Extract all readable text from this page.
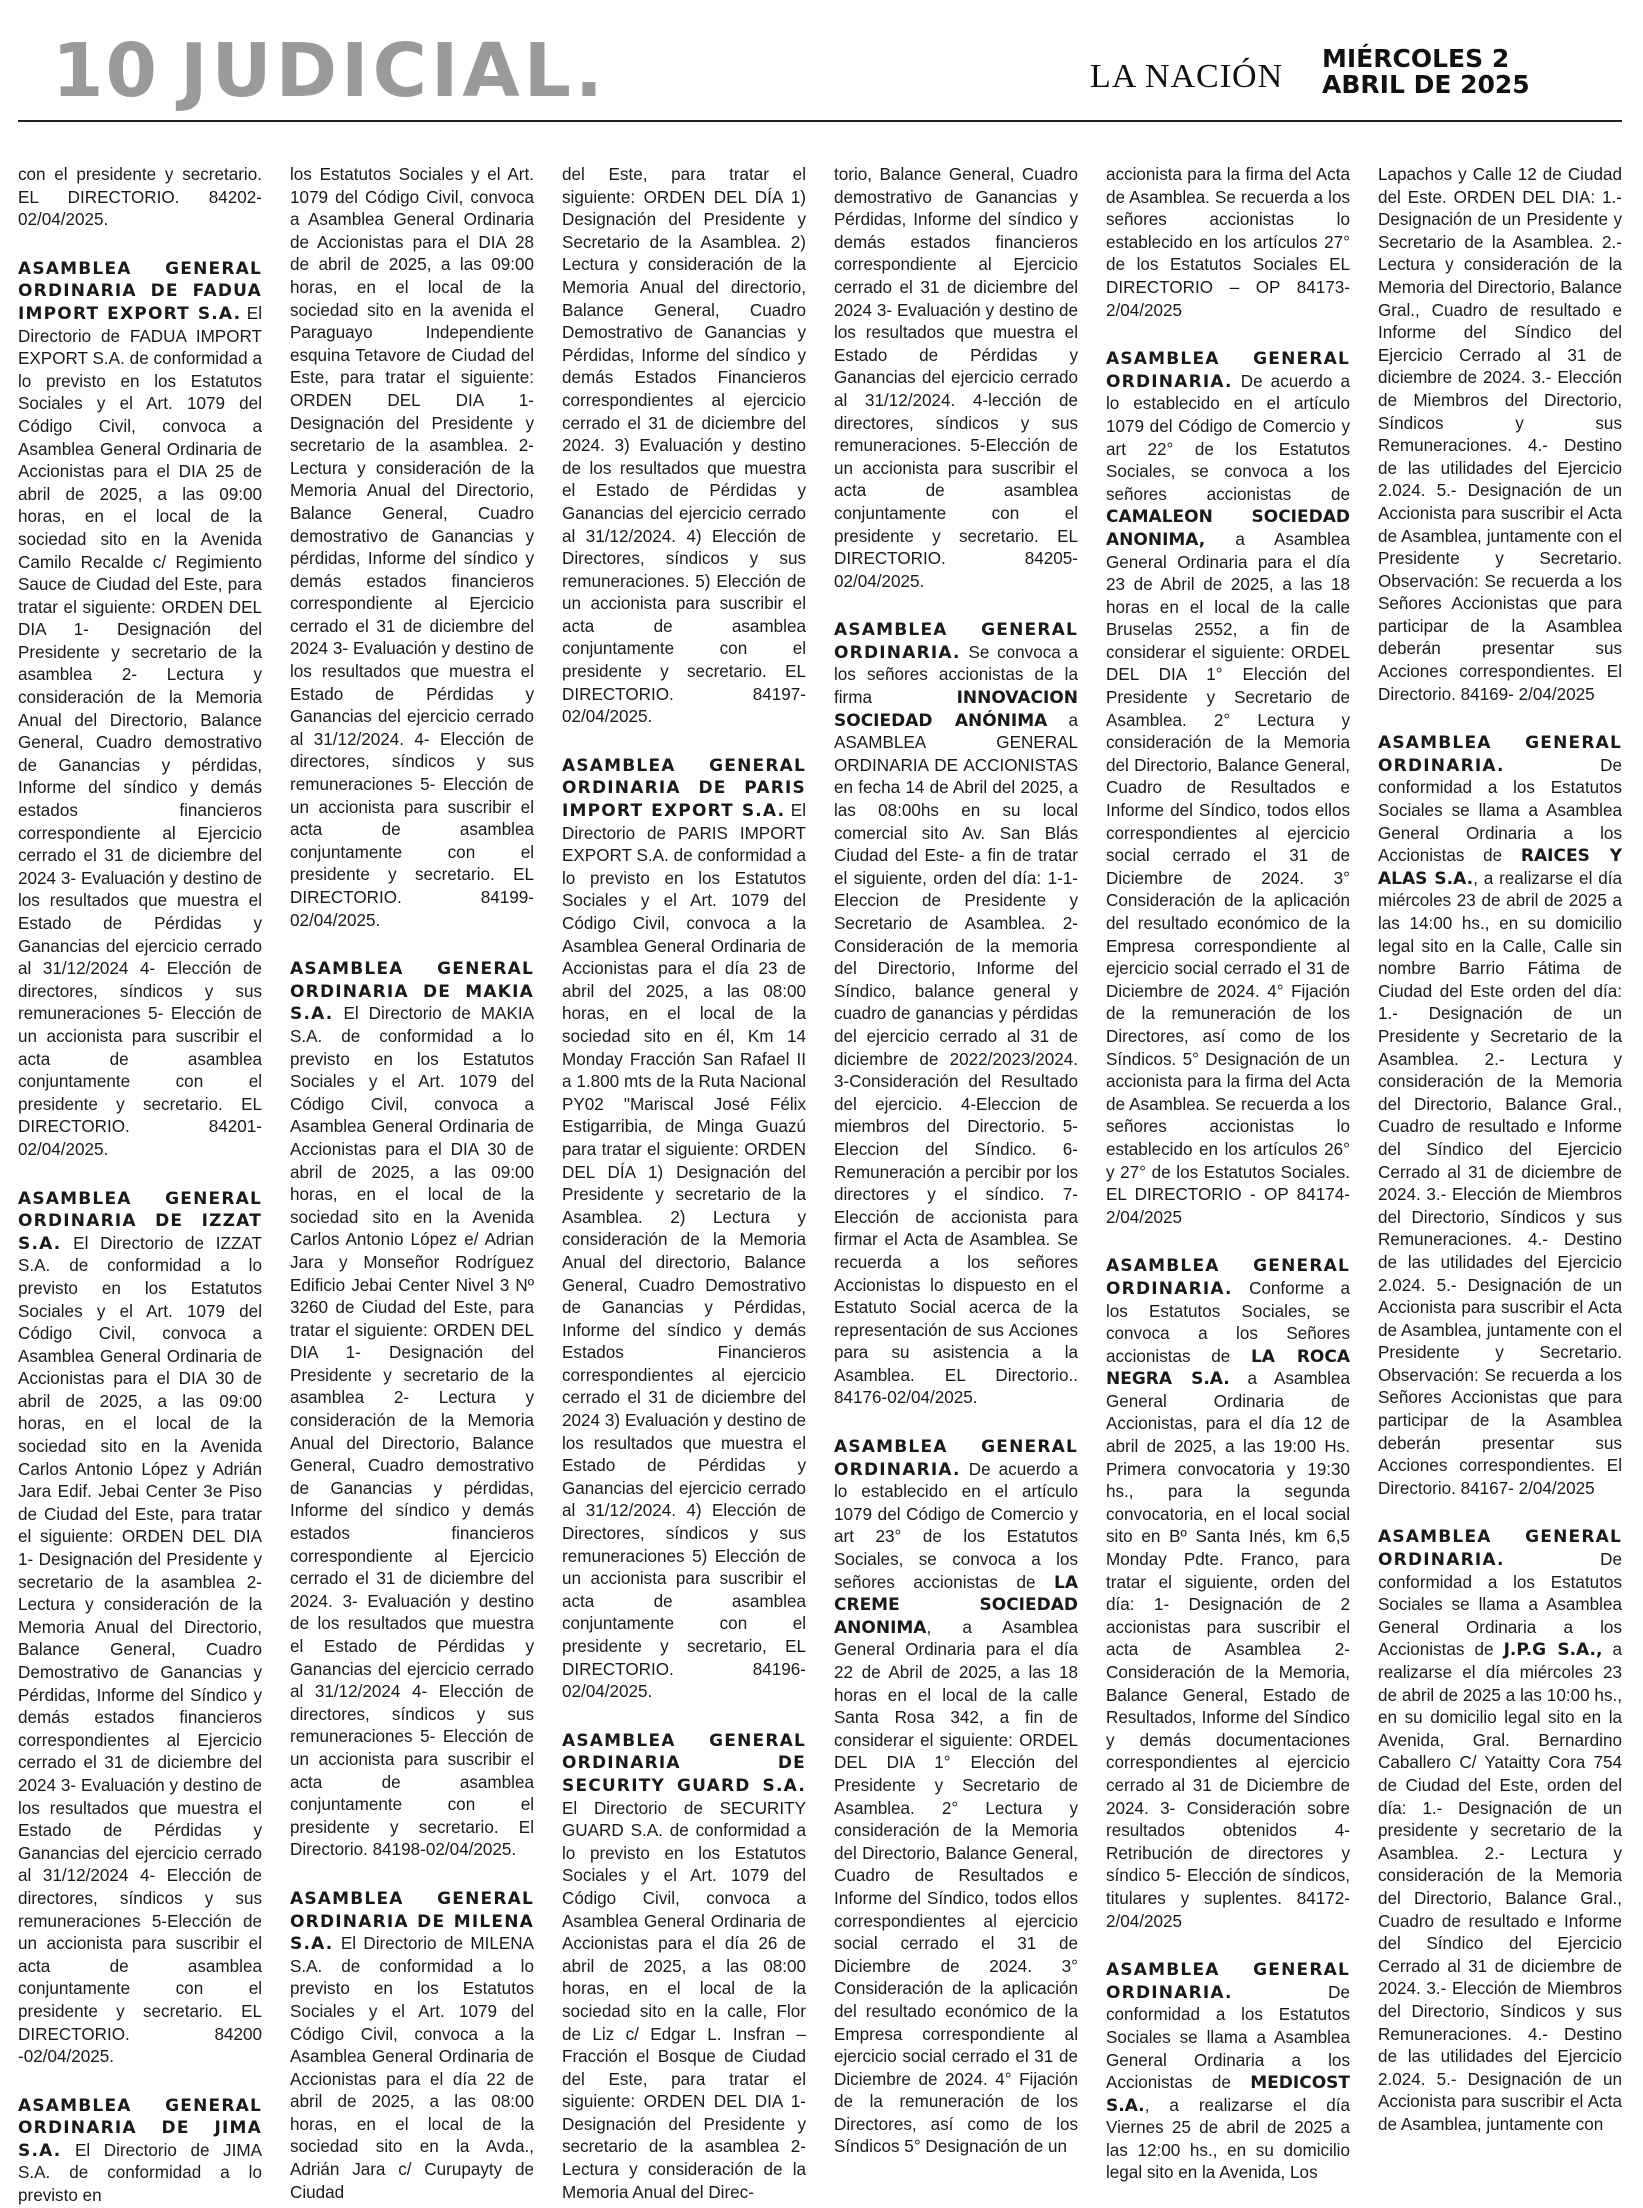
10 JUDICIAL.	LA NACIÓN MIÉRCOLES 2
ABRIL DE 2025
con el presidente y secretario. EL DIRECTORIO. 84202-02/04/2025.
ASAMBLEA GENERAL ORDINARIA DE FADUA IMPORT EXPORT S.A. El Directorio de FADUA IMPORT EXPORT S.A. de conformidad a lo previsto en los Estatutos Sociales y el Art. 1079 del Código Civil, convoca a Asamblea General Ordinaria de Accionistas para el DIA 25 de abril de 2025, a las 09:00 horas, en el local de la sociedad sito en la Avenida Camilo Recalde c/ Regimiento Sauce de Ciudad del Este, para tratar el siguiente: ORDEN DEL DIA 1- Designación del Presidente y secretario de la asamblea 2- Lectura y consideración de la Memoria Anual del Directorio, Balance General, Cuadro demostrativo de Ganancias y pérdidas, Informe del síndico y demás estados financieros correspondiente al Ejercicio cerrado el 31 de diciembre del 2024 3- Evaluación y destino de los resultados que muestra el Estado de Pérdidas y Ganancias del ejercicio cerrado al 31/12/2024 4- Elección de directores, síndicos y sus remuneraciones 5- Elección de un accionista para suscribir el acta de asamblea conjuntamente con el presidente y secretario. EL DIRECTORIO. 84201-02/04/2025.
ASAMBLEA GENERAL ORDINARIA DE IZZAT S.A. El Directorio de IZZAT S.A. de conformidad a lo previsto en los Estatutos Sociales y el Art. 1079 del Código Civil, convoca a Asamblea General Ordinaria de Accionistas para el DIA 30 de abril de 2025, a las 09:00 horas, en el local de la sociedad sito en la Avenida Carlos Antonio López y Adrián Jara Edif. Jebai Center 3e Piso de Ciudad del Este, para tratar el siguiente: ORDEN DEL DIA 1- Designación del Presidente y secretario de la asamblea 2- Lectura y consideración de la Memoria Anual del Directorio, Balance General, Cuadro Demostrativo de Ganancias y Pérdidas, Informe del Síndico y demás estados financieros correspondientes al Ejercicio cerrado el 31 de diciembre del 2024 3- Evaluación y destino de los resultados que muestra el Estado de Pérdidas y Ganancias del ejercicio cerrado al 31/12/2024 4- Elección de directores, síndicos y sus remuneraciones 5-Elección de un accionista para suscribir el acta de asamblea conjuntamente con el presidente y secretario. EL DIRECTORIO. 84200 -02/04/2025.
ASAMBLEA GENERAL ORDINARIA DE JIMA S.A. El Directorio de JIMA S.A. de conformidad a lo previsto en
los Estatutos Sociales y el Art. 1079 del Código Civil, convoca a Asamblea General Ordinaria de Accionistas para el DIA 28 de abril de 2025, a las 09:00 horas, en el local de la sociedad sito en la avenida el Paraguayo Independiente esquina Tetavore de Ciudad del Este, para tratar el siguiente: ORDEN DEL DIA 1- Designación del Presidente y secretario de la asamblea. 2- Lectura y consideración de la Memoria Anual del Directorio, Balance General, Cuadro demostrativo de Ganancias y pérdidas, Informe del síndico y demás estados financieros correspondiente al Ejercicio cerrado el 31 de diciembre del 2024 3- Evaluación y destino de los resultados que muestra el Estado de Pérdidas y Ganancias del ejercicio cerrado al 31/12/2024. 4- Elección de directores, síndicos y sus remuneraciones 5- Elección de un accionista para suscribir el acta de asamblea conjuntamente con el presidente y secretario. EL DIRECTORIO. 84199-02/04/2025.
ASAMBLEA GENERAL ORDINARIA DE MAKIA S.A. El Directorio de MAKIA S.A. de conformidad a lo previsto en los Estatutos Sociales y el Art. 1079 del Código Civil, convoca a Asamblea General Ordinaria de Accionistas para el DIA 30 de abril de 2025, a las 09:00 horas, en el local de la sociedad sito en la Avenida Carlos Antonio López e/ Adrian Jara y Monseñor Rodríguez Edificio Jebai Center Nivel 3 Nº 3260 de Ciudad del Este, para tratar el siguiente: ORDEN DEL DIA 1- Designación del Presidente y secretario de la asamblea 2- Lectura y consideración de la Memoria Anual del Directorio, Balance General, Cuadro demostrativo de Ganancias y pérdidas, Informe del síndico y demás estados financieros correspondiente al Ejercicio cerrado el 31 de diciembre del 2024. 3- Evaluación y destino de los resultados que muestra el Estado de Pérdidas y Ganancias del ejercicio cerrado al 31/12/2024 4- Elección de directores, síndicos y sus remuneraciones 5- Elección de un accionista para suscribir el acta de asamblea conjuntamente con el presidente y secretario. El Directorio. 84198-02/04/2025.
ASAMBLEA GENERAL ORDINARIA DE MILENA S.A. El Directorio de MILENA S.A. de conformidad a lo previsto en los Estatutos Sociales y el Art. 1079 del Código Civil, convoca a la Asamblea General Ordinaria de Accionistas para el día 22 de abril de 2025, a las 08:00 horas, en el local de la sociedad sito en la Avda., Adrián Jara c/ Curupayty de Ciudad
del Este, para tratar el siguiente: ORDEN DEL DÍA 1) Designación del Presidente y Secretario de la Asamblea. 2) Lectura y consideración de la Memoria Anual del directorio, Balance General, Cuadro Demostrativo de Ganancias y Pérdidas, Informe del síndico y demás Estados Financieros correspondientes al ejercicio cerrado el 31 de diciembre del 2024. 3) Evaluación y destino de los resultados que muestra el Estado de Pérdidas y Ganancias del ejercicio cerrado al 31/12/2024. 4) Elección de Directores, síndicos y sus remuneraciones. 5) Elección de un accionista para suscribir el acta de asamblea conjuntamente con el presidente y secretario. EL DIRECTORIO. 84197-02/04/2025.
ASAMBLEA GENERAL ORDINARIA DE PARIS IMPORT EXPORT S.A. El Directorio de PARIS IMPORT EXPORT S.A. de conformidad a lo previsto en los Estatutos Sociales y el Art. 1079 del Código Civil, convoca a la Asamblea General Ordinaria de Accionistas para el día 23 de abril del 2025, a las 08:00 horas, en el local de la sociedad sito en él, Km 14 Monday Fracción San Rafael II a 1.800 mts de la Ruta Nacional PY02 "Mariscal José Félix Estigarribia, de Minga Guazú para tratar el siguiente: ORDEN DEL DÍA 1) Designación del Presidente y secretario de la Asamblea. 2) Lectura y consideración de la Memoria Anual del directorio, Balance General, Cuadro Demostrativo de Ganancias y Pérdidas, Informe del síndico y demás Estados Financieros correspondientes al ejercicio cerrado el 31 de diciembre del 2024 3) Evaluación y destino de los resultados que muestra el Estado de Pérdidas y Ganancias del ejercicio cerrado al 31/12/2024. 4) Elección de Directores, síndicos y sus remuneraciones 5) Elección de un accionista para suscribir el acta de asamblea conjuntamente con el presidente y secretario, EL DIRECTORIO. 84196-02/04/2025.
ASAMBLEA GENERAL ORDINARIA DE SECURITY GUARD S.A. El Directorio de SECURITY GUARD S.A. de conformidad a lo previsto en los Estatutos Sociales y el Art. 1079 del Código Civil, convoca a Asamblea General Ordinaria de Accionistas para el día 26 de abril de 2025, a las 08:00 horas, en el local de la sociedad sito en la calle, Flor de Liz c/ Edgar L. Insfran – Fracción el Bosque de Ciudad del Este, para tratar el siguiente: ORDEN DEL DIA 1-Designación del Presidente y secretario de la asamblea 2- Lectura y consideración de la Memoria Anual del Direc-
torio, Balance General, Cuadro demostrativo de Ganancias y Pérdidas, Informe del síndico y demás estados financieros correspondiente al Ejercicio cerrado el 31 de diciembre del 2024 3- Evaluación y destino de los resultados que muestra el Estado de Pérdidas y Ganancias del ejercicio cerrado al 31/12/2024. 4-lección de directores, síndicos y sus remuneraciones. 5-Elección de un accionista para suscribir el acta de asamblea conjuntamente con el presidente y secretario. EL DIRECTORIO. 84205-02/04/2025.
ASAMBLEA GENERAL ORDINARIA. Se convoca a los señores accionistas de la firma INNOVACION SOCIEDAD ANÓNIMA a ASAMBLEA GENERAL ORDINARIA DE ACCIONISTAS en fecha 14 de Abril del 2025, a las 08:00hs en su local comercial sito Av. San Blás Ciudad del Este- a fin de tratar el siguiente, orden del día: 1-1-Eleccion de Presidente y Secretario de Asamblea. 2-Consideración de la memoria del Directorio, Informe del Síndico, balance general y cuadro de ganancias y pérdidas del ejercicio cerrado al 31 de diciembre de 2022/2023/2024. 3-Consideración del Resultado del ejercicio. 4-Eleccion de miembros del Directorio. 5-Eleccion del Síndico. 6-Remuneración a percibir por los directores y el síndico. 7- Elección de accionista para firmar el Acta de Asamblea. Se recuerda a los señores Accionistas lo dispuesto en el Estatuto Social acerca de la representación de sus Acciones para su asistencia a la Asamblea. EL Directorio.. 84176-02/04/2025.
ASAMBLEA GENERAL ORDINARIA. De acuerdo a lo establecido en el artículo 1079 del Código de Comercio y art 23° de los Estatutos Sociales, se convoca a los señores accionistas de LA CREME SOCIEDAD ANONIMA, a Asamblea General Ordinaria para el día 22 de Abril de 2025, a las 18 horas en el local de la calle Santa Rosa 342, a fin de considerar el siguiente: ORDEL DEL DIA 1° Elección del Presidente y Secretario de Asamblea. 2° Lectura y consideración de la Memoria del Directorio, Balance General, Cuadro de Resultados e Informe del Síndico, todos ellos correspondientes al ejercicio social cerrado el 31 de Diciembre de 2024. 3° Consideración de la aplicación del resultado económico de la Empresa correspondiente al ejercicio social cerrado el 31 de Diciembre de 2024. 4° Fijación de la remuneración de los Directores, así como de los Síndicos 5° Designación de un
accionista para la firma del Acta de Asamblea. Se recuerda a los señores accionistas lo establecido en los artículos 27° de los Estatutos Sociales EL DIRECTORIO – OP 84173- 2/04/2025
ASAMBLEA GENERAL ORDINARIA. De acuerdo a lo establecido en el artículo 1079 del Código de Comercio y art 22° de los Estatutos Sociales, se convoca a los señores accionistas de CAMALEON SOCIEDAD ANONIMA, a Asamblea General Ordinaria para el día 23 de Abril de 2025, a las 18 horas en el local de la calle Bruselas 2552, a fin de considerar el siguiente: ORDEL DEL DIA 1° Elección del Presidente y Secretario de Asamblea. 2° Lectura y consideración de la Memoria del Directorio, Balance General, Cuadro de Resultados e Informe del Síndico, todos ellos correspondientes al ejercicio social cerrado el 31 de Diciembre de 2024. 3° Consideración de la aplicación del resultado económico de la Empresa correspondiente al ejercicio social cerrado el 31 de Diciembre de 2024. 4° Fijación de la remuneración de los Directores, así como de los Síndicos. 5° Designación de un accionista para la firma del Acta de Asamblea. Se recuerda a los señores accionistas lo establecido en los artículos 26° y 27° de los Estatutos Sociales. EL DIRECTORIO - OP 84174-2/04/2025
ASAMBLEA GENERAL ORDINARIA. Conforme a los Estatutos Sociales, se convoca a los Señores accionistas de LA ROCA NEGRA S.A. a Asamblea General Ordinaria de Accionistas, para el día 12 de abril de 2025, a las 19:00 Hs. Primera convocatoria y 19:30 hs., para la segunda convocatoria, en el local social sito en Bº Santa Inés, km 6,5 Monday Pdte. Franco, para tratar el siguiente, orden del día: 1- Designación de 2 accionistas para suscribir el acta de Asamblea 2- Consideración de la Memoria, Balance General, Estado de Resultados, Informe del Síndico y demás documentaciones correspondientes al ejercicio cerrado al 31 de Diciembre de 2024. 3- Consideración sobre resultados obtenidos 4- Retribución de directores y síndico 5- Elección de síndicos, titulares y suplentes. 84172- 2/04/2025
ASAMBLEA GENERAL ORDINARIA. De conformidad a los Estatutos Sociales se llama a Asamblea General Ordinaria a los Accionistas de MEDICOST S.A., a realizarse el día Viernes 25 de abril de 2025 a las 12:00 hs., en su domicilio legal sito en la Avenida, Los
Lapachos y Calle 12 de Ciudad del Este. ORDEN DEL DIA: 1.- Designación de un Presidente y Secretario de la Asamblea. 2.- Lectura y consideración de la Memoria del Directorio, Balance Gral., Cuadro de resultado e Informe del Síndico del Ejercicio Cerrado al 31 de diciembre de 2024. 3.- Elección de Miembros del Directorio, Síndicos y sus Remuneraciones. 4.- Destino de las utilidades del Ejercicio 2.024. 5.- Designación de un Accionista para suscribir el Acta de Asamblea, juntamente con el Presidente y Secretario. Observación: Se recuerda a los Señores Accionistas que para participar de la Asamblea deberán presentar sus Acciones correspondientes. El Directorio. 84169- 2/04/2025
ASAMBLEA GENERAL ORDINARIA. De conformidad a los Estatutos Sociales se llama a Asamblea General Ordinaria a los Accionistas de RAICES Y ALAS S.A., a realizarse el día miércoles 23 de abril de 2025 a las 14:00 hs., en su domicilio legal sito en la Calle, Calle sin nombre Barrio Fátima de Ciudad del Este orden del día: 1.- Designación de un Presidente y Secretario de la Asamblea. 2.- Lectura y consideración de la Memoria del Directorio, Balance Gral., Cuadro de resultado e Informe del Síndico del Ejercicio Cerrado al 31 de diciembre de 2024. 3.- Elección de Miembros del Directorio, Síndicos y sus Remuneraciones. 4.- Destino de las utilidades del Ejercicio 2.024. 5.- Designación de un Accionista para suscribir el Acta de Asamblea, juntamente con el Presidente y Secretario. Observación: Se recuerda a los Señores Accionistas que para participar de la Asamblea deberán presentar sus Acciones correspondientes. El Directorio. 84167- 2/04/2025
ASAMBLEA GENERAL ORDINARIA. De conformidad a los Estatutos Sociales se llama a Asamblea General Ordinaria a los Accionistas de J.P.G S.A., a realizarse el día miércoles 23 de abril de 2025 a las 10:00 hs., en su domicilio legal sito en la Avenida, Gral. Bernardino Caballero C/ Yataitty Cora 754 de Ciudad del Este, orden del día: 1.- Designación de un presidente y secretario de la Asamblea. 2.- Lectura y consideración de la Memoria del Directorio, Balance Gral., Cuadro de resultado e Informe del Síndico del Ejercicio Cerrado al 31 de diciembre de 2024. 3.- Elección de Miembros del Directorio, Síndicos y sus Remuneraciones. 4.- Destino de las utilidades del Ejercicio 2.024. 5.- Designación de un Accionista para suscribir el Acta de Asamblea, juntamente con
